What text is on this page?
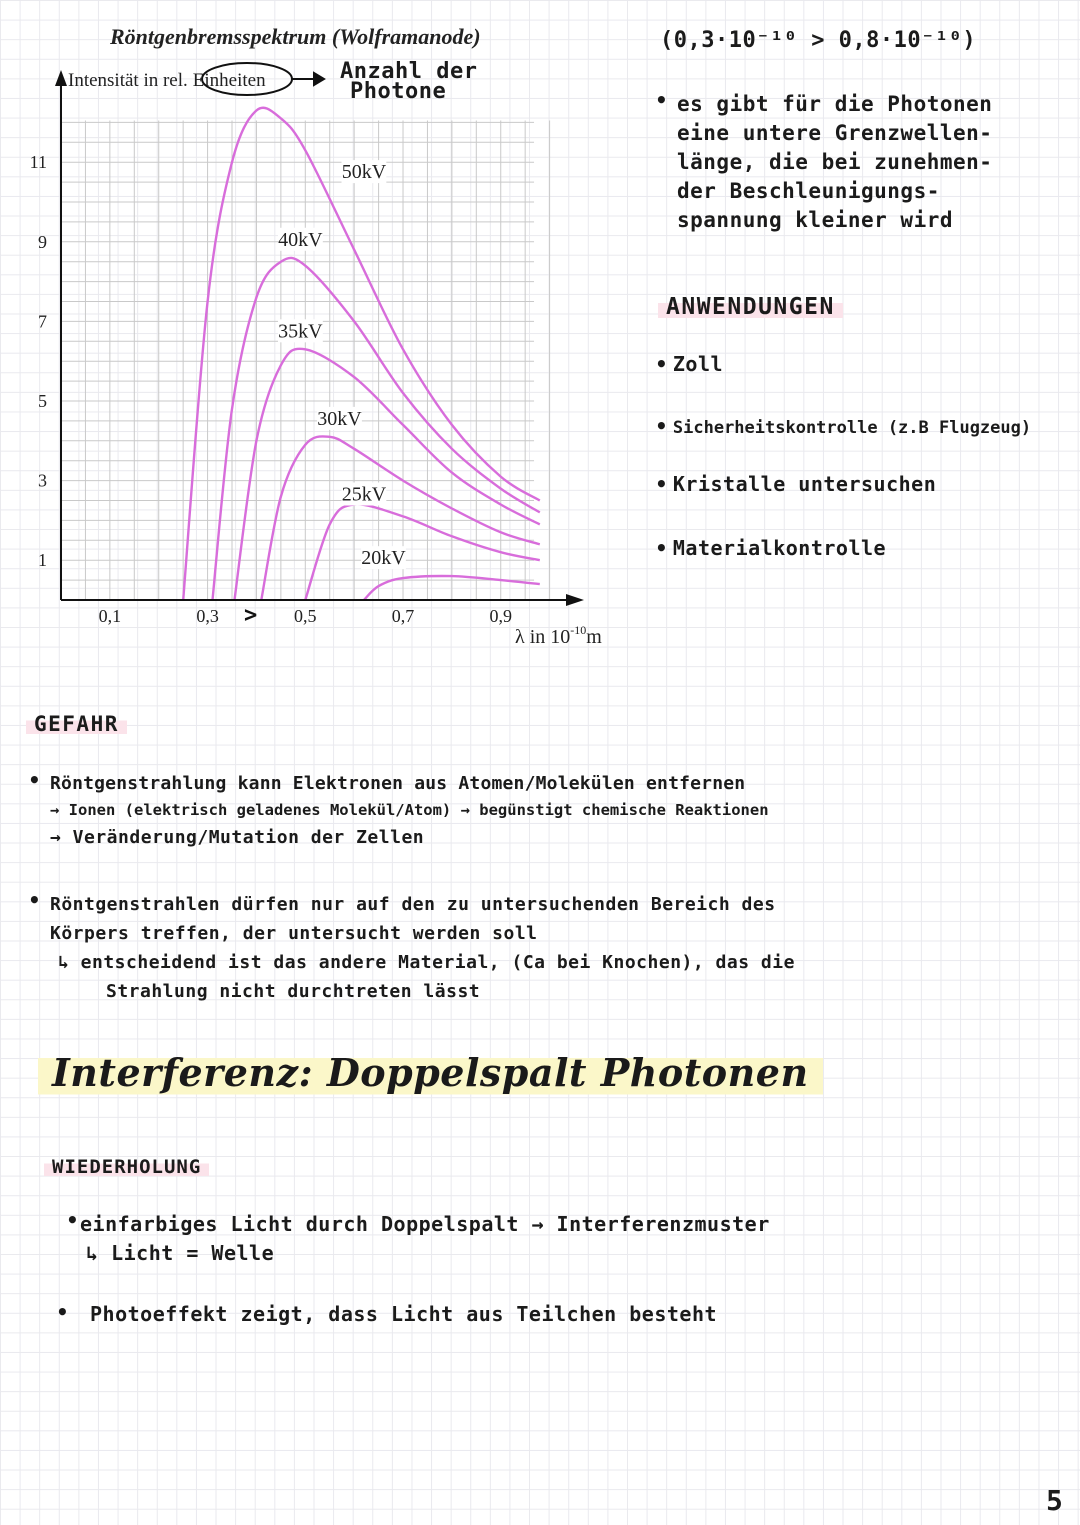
0,1	0,3	0,5	0,7	0,9
1
3
5
7
9
11	50kV
40kV
35kV
30kV
25kV
20kV
Röntgenbremsspektrum (Wolframanode)
Intensität in rel. Einheiten
λ in $10^{-10}m$
>
Anzahl der
Photone
(0,3·10⁻¹⁰ > 0,8·10⁻¹⁰)
• es gibt für die Photonen
eine untere Grenzwellen-
länge, die bei zunehmen-
der Beschleunigungs-
spannung kleiner wird
ANWENDUNGEN
• Zoll
• Sicherheitskontrolle (z.B Flugzeug)
• Kristalle untersuchen
• Materialkontrolle
GEFAHR
• Röntgenstrahlung kann Elektronen aus Atomen/Molekülen entfernen
→ Ionen (elektrisch geladenes Molekül/Atom) → begünstigt chemische Reaktionen
→ Veränderung/Mutation der Zellen
• Röntgenstrahlen dürfen nur auf den zu untersuchenden Bereich des
Körpers treffen, der untersucht werden soll
↳ entscheidend ist das andere Material, (Ca bei Knochen), das die
Strahlung nicht durchtreten lässt
Interferenz: Doppelspalt Photonen
WIEDERHOLUNG
• einfarbiges Licht durch Doppelspalt → Interferenzmuster
↳ Licht = Welle
• Photoeffekt zeigt, dass Licht aus Teilchen besteht
5
